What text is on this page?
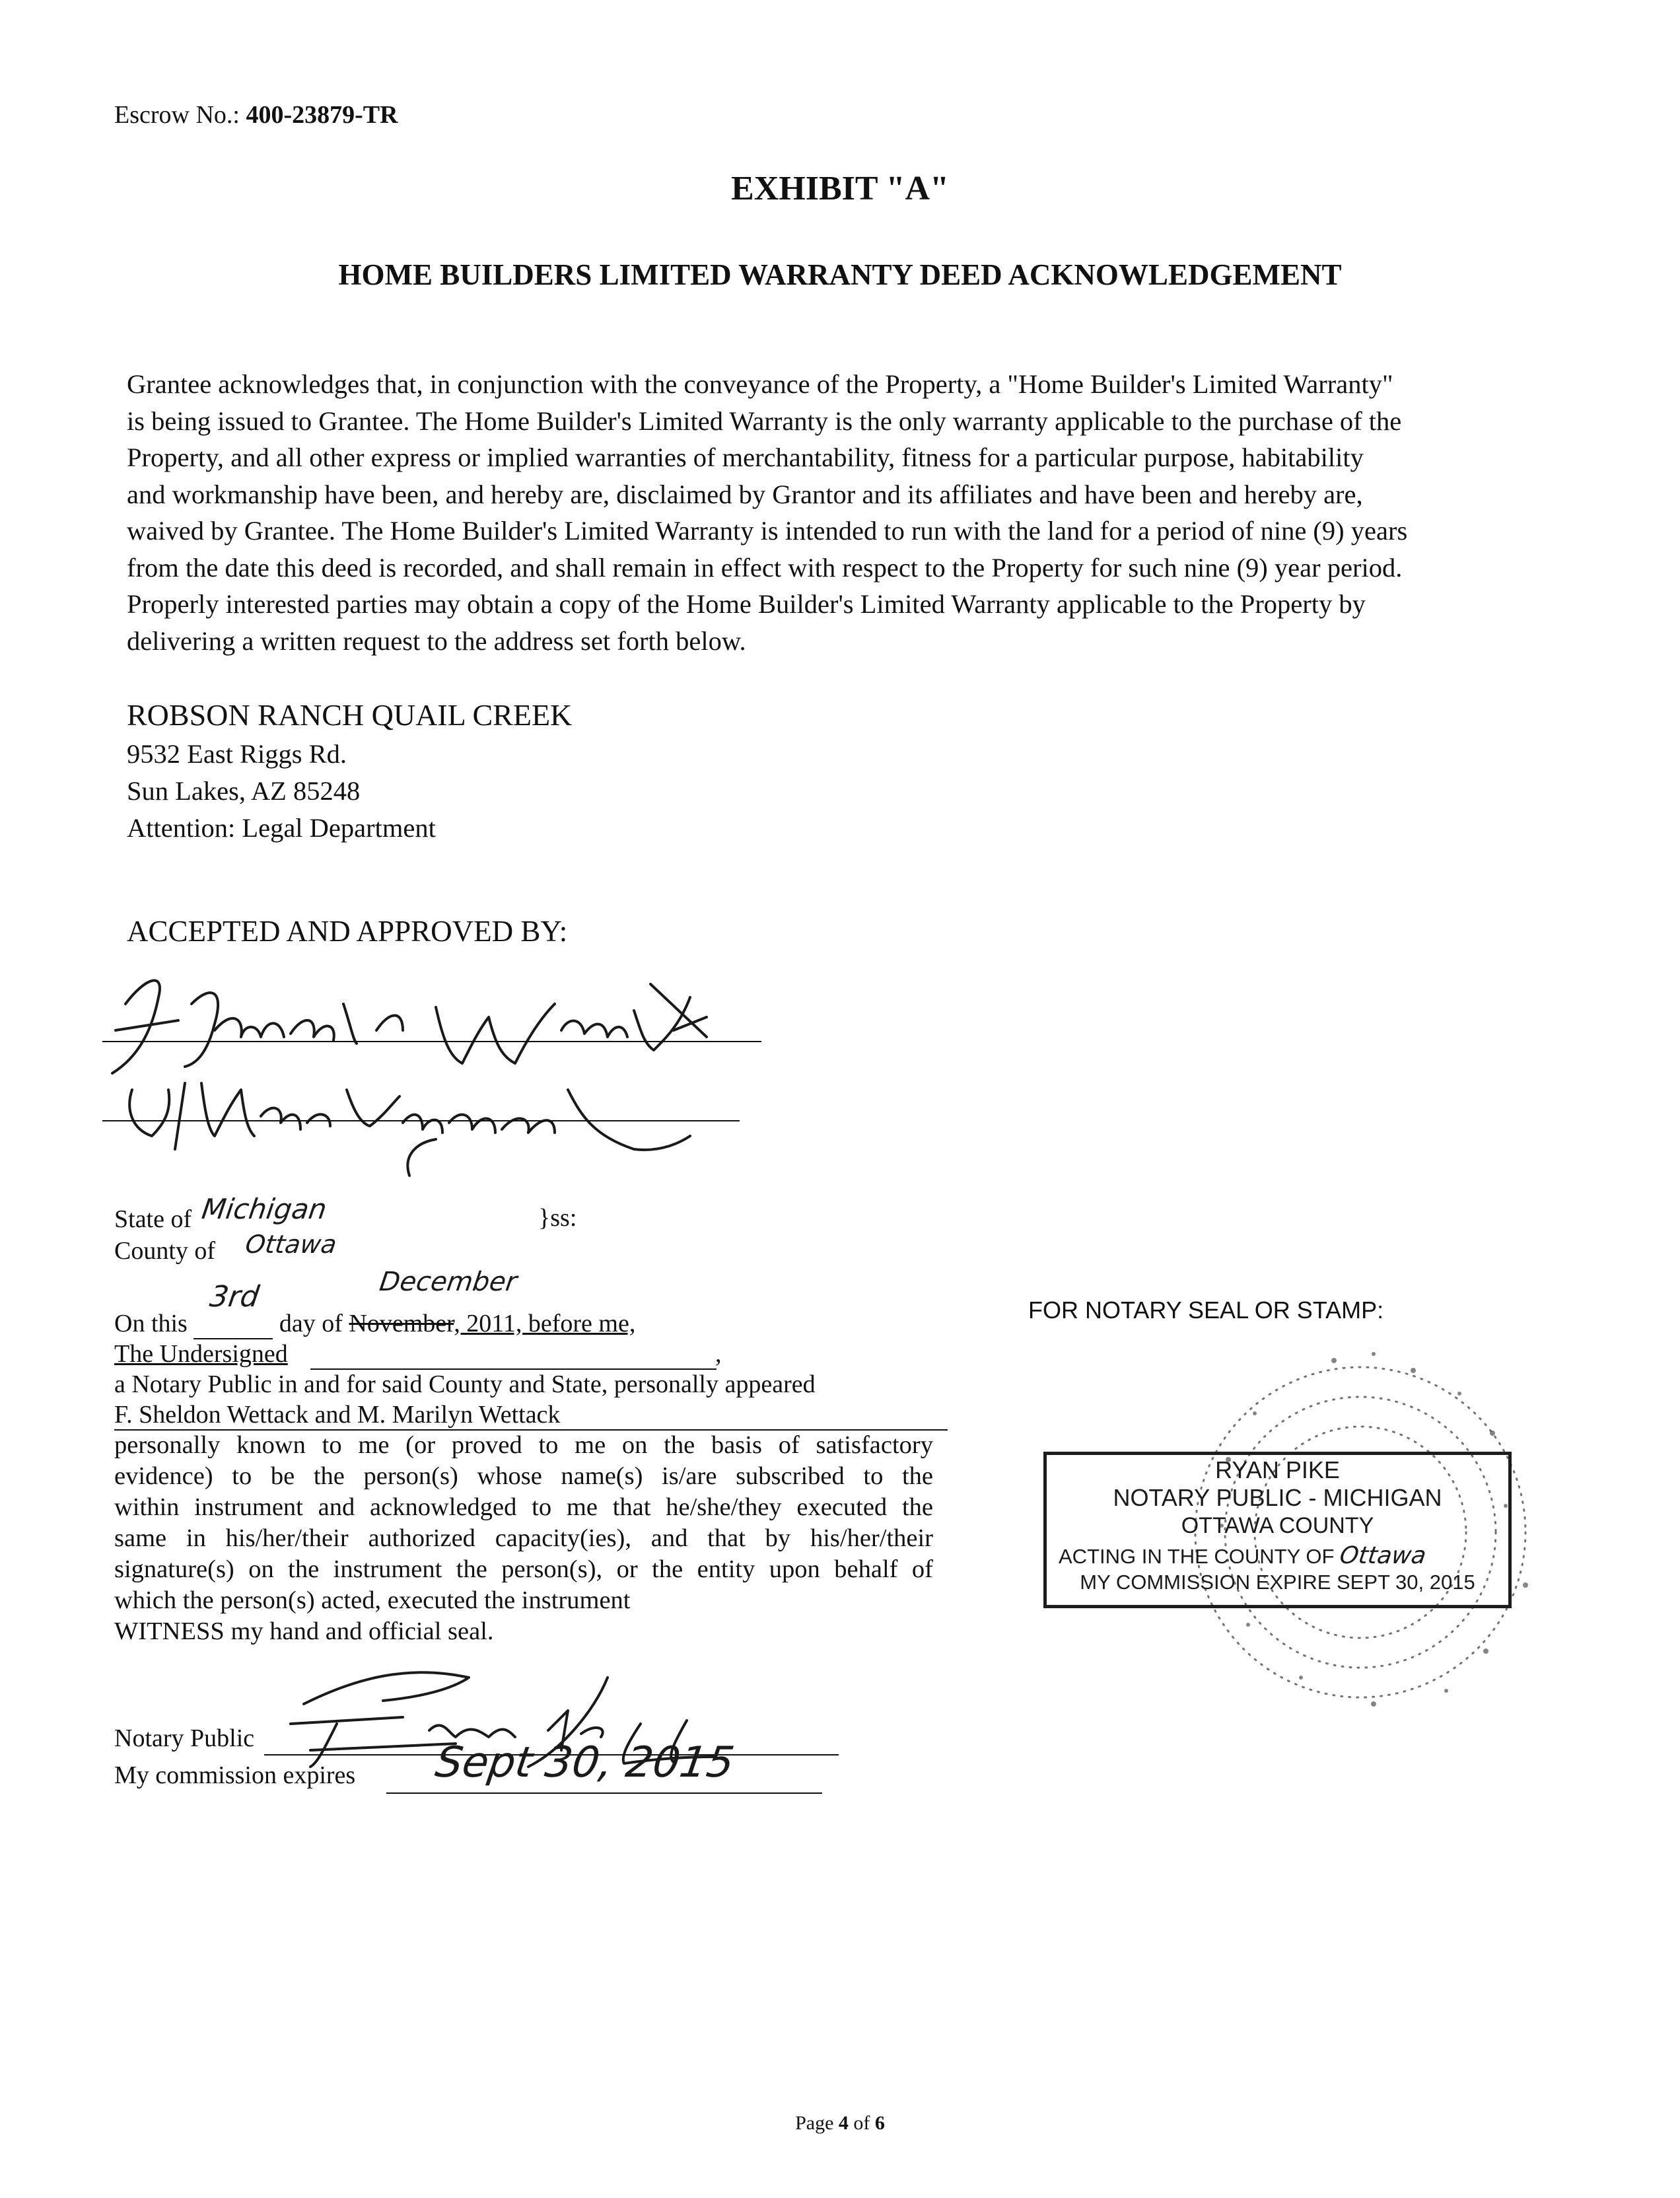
Escrow No.: 400-23879-TR
EXHIBIT "A"
HOME BUILDERS LIMITED WARRANTY DEED ACKNOWLEDGEMENT
Grantee acknowledges that, in conjunction with the conveyance of the Property, a "Home Builder's Limited Warranty"
is being issued to Grantee. The Home Builder's Limited Warranty is the only warranty applicable to the purchase of the
Property, and all other express or implied warranties of merchantability, fitness for a particular purpose, habitability
and workmanship have been, and hereby are, disclaimed by Grantor and its affiliates and have been and hereby are,
waived by Grantee. The Home Builder's Limited Warranty is intended to run with the land for a period of nine (9) years
from the date this deed is recorded, and shall remain in effect with respect to the Property for such nine (9) year period.
Properly interested parties may obtain a copy of the Home Builder's Limited Warranty applicable to the Property by
delivering a written request to the address set forth below.
ROBSON RANCH QUAIL CREEK
9532 East Riggs Rd.
Sun Lakes, AZ 85248
Attention: Legal Department
ACCEPTED AND APPROVED BY:
State of Michigan	}ss:
County of Ottawa
3rd	December
On this	day of November, 2011, before me,
The Undersigned	,
a Notary Public in and for said County and State, personally appeared
F. Sheldon Wettack and M. Marilyn Wettack
personally known to me (or proved to me on the basis of satisfactory
evidence) to be the person(s) whose name(s) is/are subscribed to the
within instrument and acknowledged to me that he/she/they executed the
same in his/her/their authorized capacity(ies), and that by his/her/their
signature(s) on the instrument the person(s), or the entity upon behalf of
which the person(s) acted, executed the instrument
WITNESS my hand and official seal.
Notary Public
My commission expires Sept 30, 2015
FOR NOTARY SEAL OR STAMP:
RYAN PIKE
NOTARY PUBLIC - MICHIGAN
OTTAWA COUNTY
ACTING IN THE COUNTY OF Ottawa
MY COMMISSION EXPIRE SEPT 30, 2015
Page 4 of 6
